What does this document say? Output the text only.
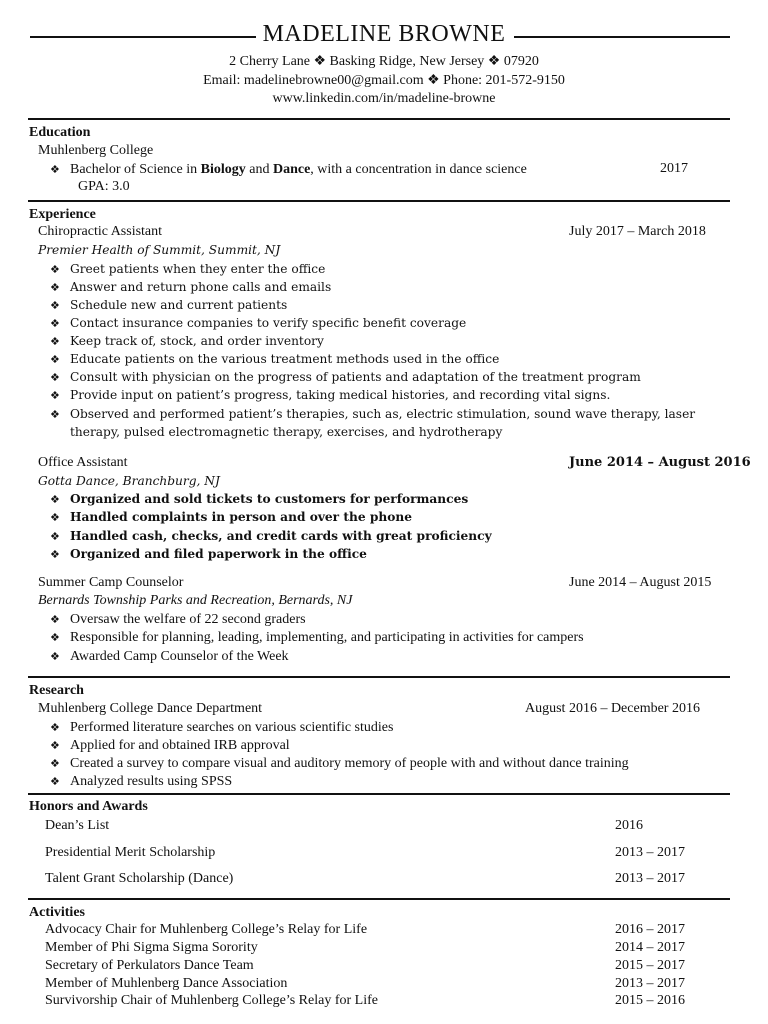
MADELINE BROWNE
2 Cherry Lane ❖ Basking Ridge, New Jersey ❖ 07920
Email: madelinebrowne00@gmail.com ❖ Phone: 201-572-9150
www.linkedin.com/in/madeline-browne
Education
Muhlenberg College
❖ Bachelor of Science in Biology and Dance, with a concentration in dance science	2017
GPA: 3.0
Experience
Chiropractic Assistant	July 2017 – March 2018
Premier Health of Summit, Summit, NJ
❖ Greet patients when they enter the office
❖ Answer and return phone calls and emails
❖ Schedule new and current patients
❖ Contact insurance companies to verify specific benefit coverage
❖ Keep track of, stock, and order inventory
❖ Educate patients on the various treatment methods used in the office
❖ Consult with physician on the progress of patients and adaptation of the treatment program
❖ Provide input on patient’s progress, taking medical histories, and recording vital signs.
❖ Observed and performed patient’s therapies, such as, electric stimulation, sound wave therapy, laser therapy, pulsed electromagnetic therapy, exercises, and hydrotherapy
Office Assistant	June 2014 – August 2016
Gotta Dance, Branchburg, NJ
❖ Organized and sold tickets to customers for performances
❖ Handled complaints in person and over the phone
❖ Handled cash, checks, and credit cards with great proficiency
❖ Organized and filed paperwork in the office
Summer Camp Counselor	June 2014 – August 2015
Bernards Township Parks and Recreation, Bernards, NJ
❖ Oversaw the welfare of 22 second graders
❖ Responsible for planning, leading, implementing, and participating in activities for campers
❖ Awarded Camp Counselor of the Week
Research
Muhlenberg College Dance Department	August 2016 – December 2016
❖ Performed literature searches on various scientific studies
❖ Applied for and obtained IRB approval
❖ Created a survey to compare visual and auditory memory of people with and without dance training
❖ Analyzed results using SPSS
Honors and Awards
Dean’s List	2016
Presidential Merit Scholarship	2013 – 2017
Talent Grant Scholarship (Dance)	2013 – 2017
Activities
Advocacy Chair for Muhlenberg College’s Relay for Life	2016 – 2017
Member of Phi Sigma Sigma Sorority	2014 – 2017
Secretary of Perkulators Dance Team	2015 – 2017
Member of Muhlenberg Dance Association	2013 – 2017
Survivorship Chair of Muhlenberg College’s Relay for Life	2015 – 2016
